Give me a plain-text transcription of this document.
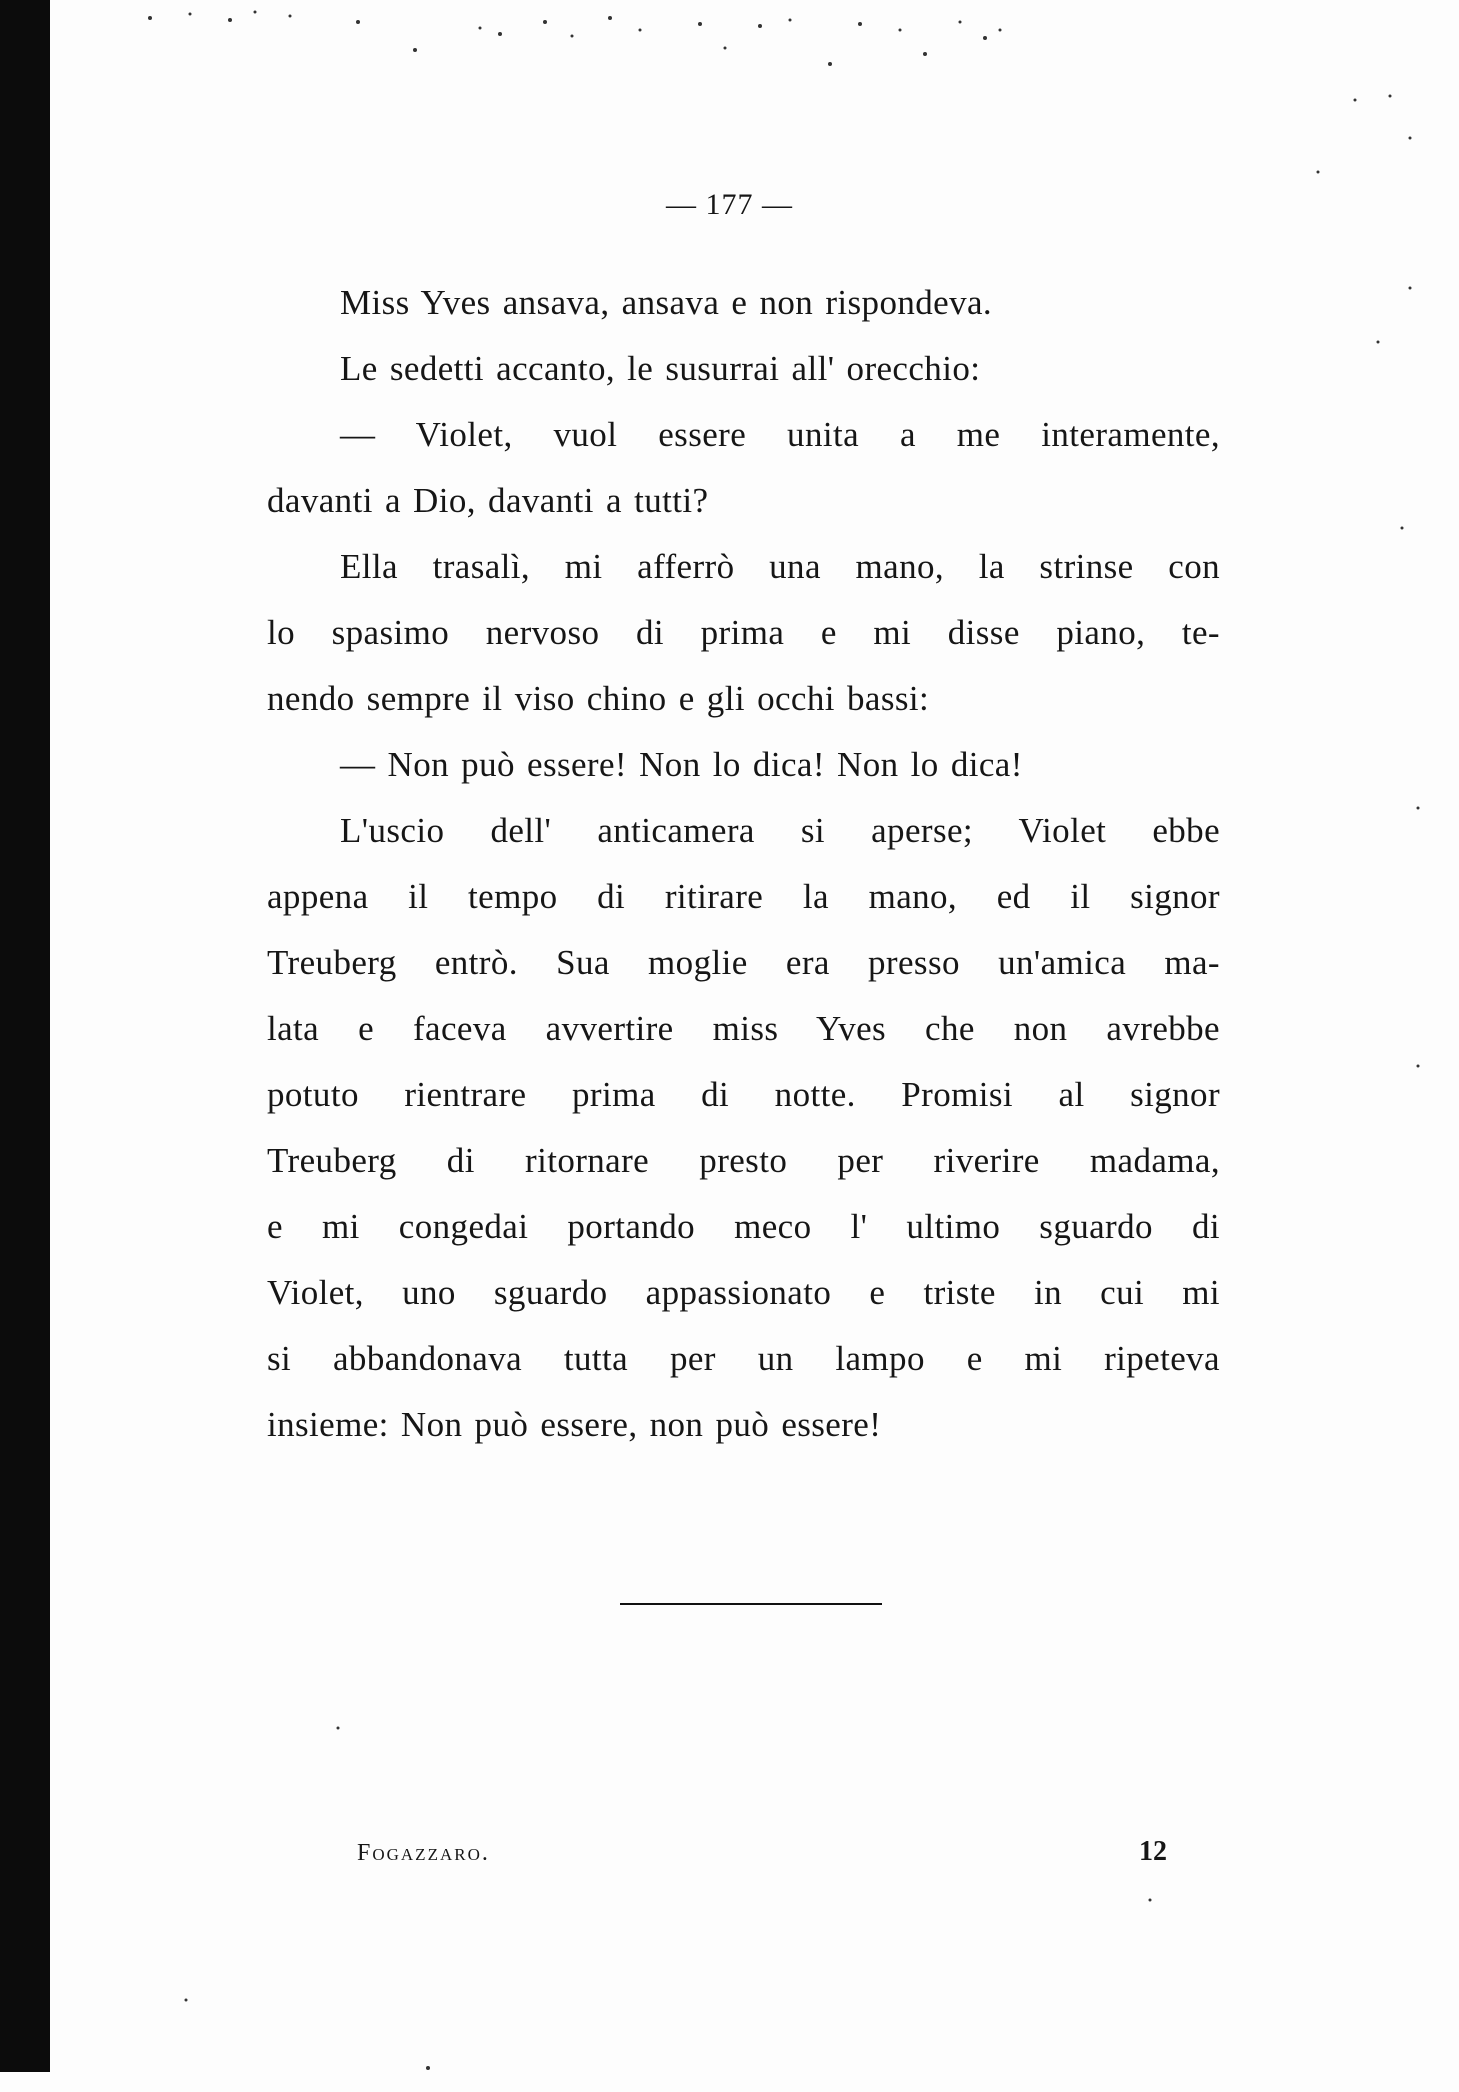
— 177 —
Miss Yves ansava, ansava e non rispondeva.
Le sedetti accanto, le susurrai all' orecchio:
— Violet, vuol essere unita a me interamente,
davanti a Dio, davanti a tutti?
Ella trasalì, mi afferrò una mano, la strinse con
lo spasimo nervoso di prima e mi disse piano, te-
nendo sempre il viso chino e gli occhi bassi:
— Non può essere! Non lo dica! Non lo dica!
L'uscio dell' anticamera si aperse; Violet ebbe
appena il tempo di ritirare la mano, ed il signor
Treuberg entrò. Sua moglie era presso un'amica ma-
lata e faceva avvertire miss Yves che non avrebbe
potuto rientrare prima di notte. Promisi al signor
Treuberg di ritornare presto per riverire madama,
e mi congedai portando meco l' ultimo sguardo di
Violet, uno sguardo appassionato e triste in cui mi
si abbandonava tutta per un lampo e mi ripeteva
insieme: Non può essere, non può essere!
Fogazzaro.	12
